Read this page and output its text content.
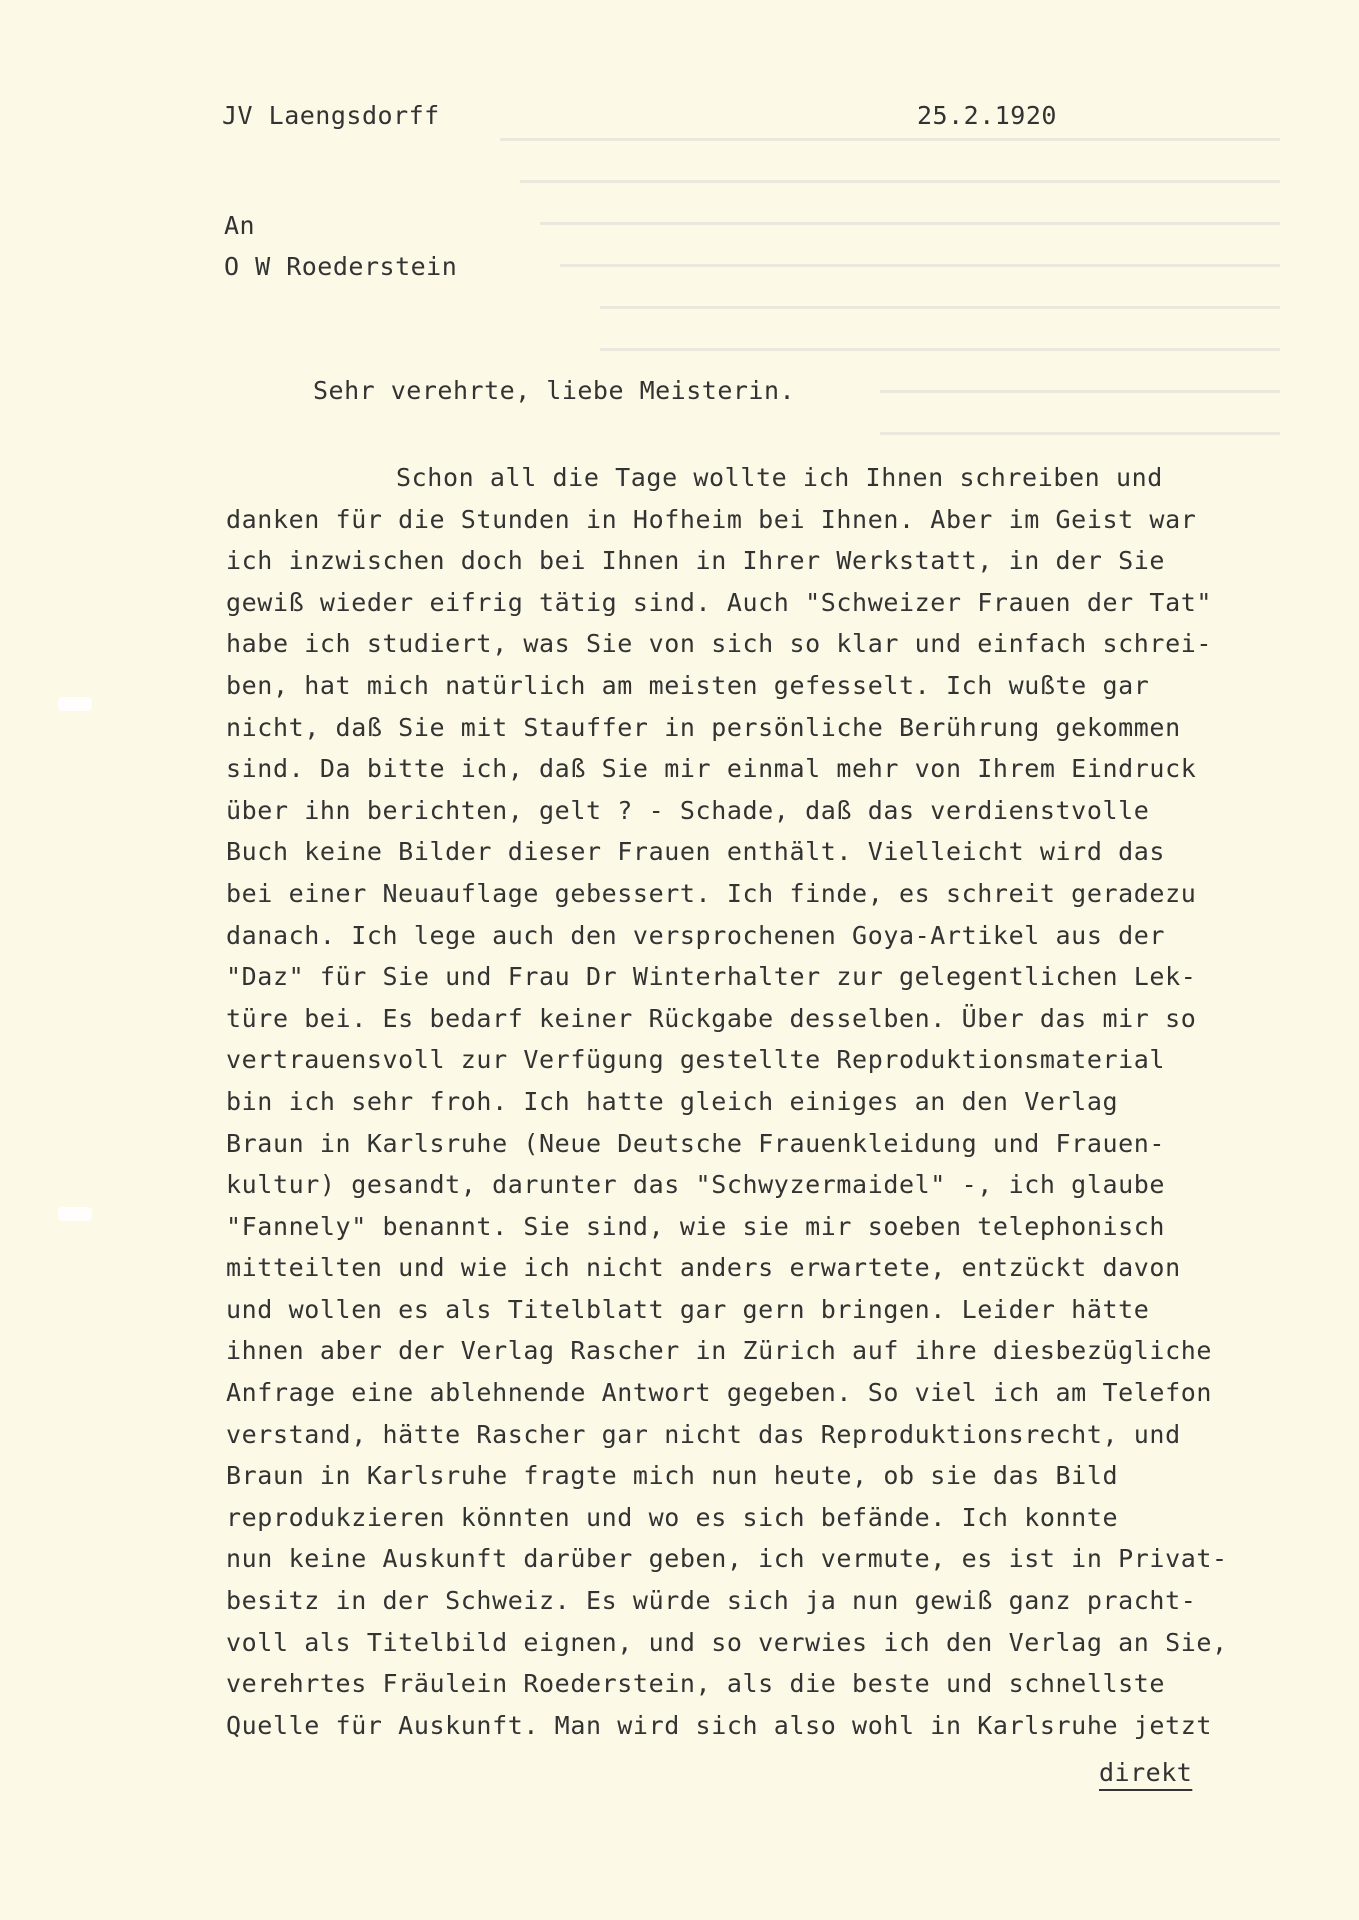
JV Laengsdorff	25.2.1920
An
O W Roederstein
Sehr verehrte, liebe Meisterin.
Schon all die Tage wollte ich Ihnen schreiben und
danken für die Stunden in Hofheim bei Ihnen. Aber im Geist war
ich inzwischen doch bei Ihnen in Ihrer Werkstatt, in der Sie
gewiß wieder eifrig tätig sind. Auch "Schweizer Frauen der Tat"
habe ich studiert, was Sie von sich so klar und einfach schrei-
ben, hat mich natürlich am meisten gefesselt. Ich wußte gar
nicht, daß Sie mit Stauffer in persönliche Berührung gekommen
sind. Da bitte ich, daß Sie mir einmal mehr von Ihrem Eindruck
über ihn berichten, gelt ? - Schade, daß das verdienstvolle
Buch keine Bilder dieser Frauen enthält. Vielleicht wird das
bei einer Neuauflage gebessert. Ich finde, es schreit geradezu
danach. Ich lege auch den versprochenen Goya-Artikel aus der
"Daz" für Sie und Frau Dr Winterhalter zur gelegentlichen Lek-
türe bei. Es bedarf keiner Rückgabe desselben. Über das mir so
vertrauensvoll zur Verfügung gestellte Reproduktionsmaterial
bin ich sehr froh. Ich hatte gleich einiges an den Verlag
Braun in Karlsruhe (Neue Deutsche Frauenkleidung und Frauen-
kultur) gesandt, darunter das "Schwyzermaidel" -, ich glaube
"Fannely" benannt. Sie sind, wie sie mir soeben telephonisch
mitteilten und wie ich nicht anders erwartete, entzückt davon
und wollen es als Titelblatt gar gern bringen. Leider hätte
ihnen aber der Verlag Rascher in Zürich auf ihre diesbezügliche
Anfrage eine ablehnende Antwort gegeben. So viel ich am Telefon
verstand, hätte Rascher gar nicht das Reproduktionsrecht, und
Braun in Karlsruhe fragte mich nun heute, ob sie das Bild
reprodukzieren könnten und wo es sich befände. Ich konnte
nun keine Auskunft darüber geben, ich vermute, es ist in Privat-
besitz in der Schweiz. Es würde sich ja nun gewiß ganz pracht-
voll als Titelbild eignen, und so verwies ich den Verlag an Sie,
verehrtes Fräulein Roederstein, als die beste und schnellste
Quelle für Auskunft. Man wird sich also wohl in Karlsruhe jetzt
direkt
